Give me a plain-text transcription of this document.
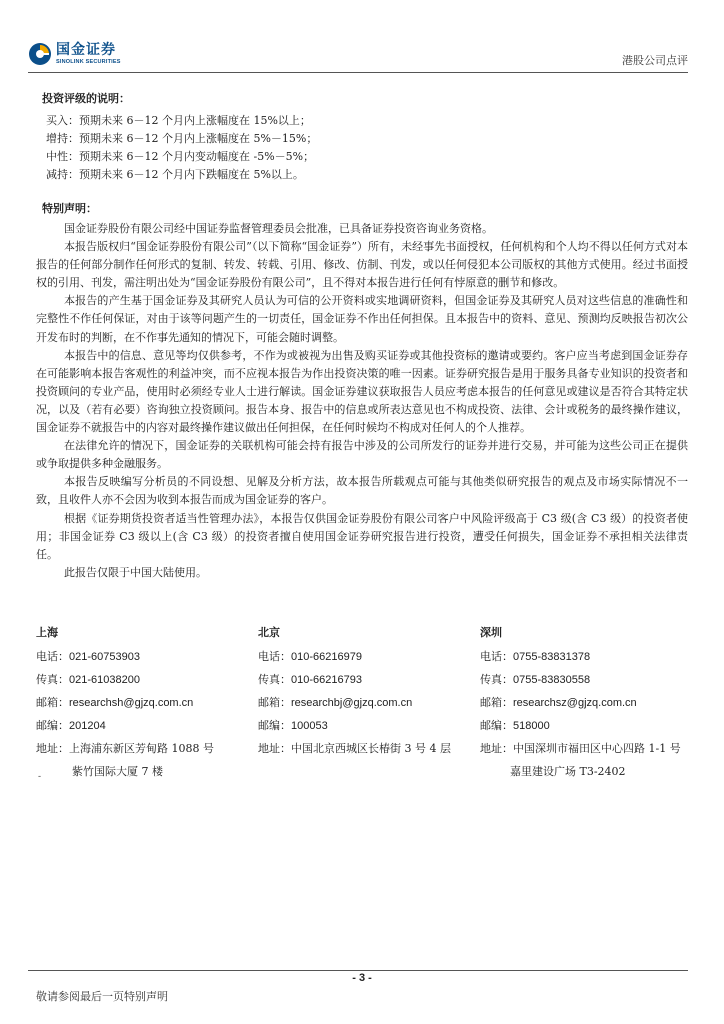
国金证券
SINOLINK SECURITIES	港股公司点评
投资评级的说明：
买入：预期未来 6－12 个月内上涨幅度在 15%以上；
增持：预期未来 6－12 个月内上涨幅度在 5%－15%；
中性：预期未来 6－12 个月内变动幅度在 -5%－5%；
减持：预期未来 6－12 个月内下跌幅度在 5%以上。
特别声明：

国金证券股份有限公司经中国证券监督管理委员会批准，已具备证券投资咨询业务资格。

本报告版权归“国金证券股份有限公司”（以下简称“国金证券”）所有，未经事先书面授权，任何机构和个人均不得以任何方式对本报告的任何部分制作任何形式的复制、转发、转载、引用、修改、仿制、刊发，或以任何侵犯本公司版权的其他方式使用。经过书面授权的引用、刊发，需注明出处为“国金证券股份有限公司”，且不得对本报告进行任何有悖原意的删节和修改。

本报告的产生基于国金证券及其研究人员认为可信的公开资料或实地调研资料，但国金证券及其研究人员对这些信息的准确性和完整性不作任何保证，对由于该等问题产生的一切责任，国金证券不作出任何担保。且本报告中的资料、意见、预测均反映报告初次公开发布时的判断，在不作事先通知的情况下，可能会随时调整。

本报告中的信息、意见等均仅供参考，不作为或被视为出售及购买证券或其他投资标的邀请或要约。客户应当考虑到国金证券存在可能影响本报告客观性的利益冲突，而不应视本报告为作出投资决策的唯一因素。证券研究报告是用于服务具备专业知识的投资者和投资顾问的专业产品，使用时必须经专业人士进行解读。国金证券建议获取报告人员应考虑本报告的任何意见或建议是否符合其特定状况，以及（若有必要）咨询独立投资顾问。报告本身、报告中的信息或所表达意见也不构成投资、法律、会计或税务的最终操作建议，国金证券不就报告中的内容对最终操作建议做出任何担保，在任何时候均不构成对任何人的个人推荐。

在法律允许的情况下，国金证券的关联机构可能会持有报告中涉及的公司所发行的证券并进行交易，并可能为这些公司正在提供或争取提供多种金融服务。

本报告反映编写分析员的不同设想、见解及分析方法，故本报告所载观点可能与其他类似研究报告的观点及市场实际情况不一致，且收件人亦不会因为收到本报告而成为国金证券的客户。

根据《证券期货投资者适当性管理办法》，本报告仅供国金证券股份有限公司客户中风险评级高于 C3 级(含 C3 级）的投资者使用；非国金证券 C3 级以上(含 C3 级）的投资者擅自使用国金证券研究报告进行投资，遭受任何损失，国金证券不承担相关法律责任。

此报告仅限于中国大陆使用。

上海
电话：021-60753903
传真：021-61038200
邮箱：researchsh@gjzq.com.cn
邮编：201204
地址：上海浦东新区芳甸路 1088 号
紫竹国际大厦 7 楼
北京
电话：010-66216979
传真：010-66216793
邮箱：researchbj@gjzq.com.cn
邮编：100053
地址：中国北京西城区长椿街 3 号 4 层
深圳
电话：0755-83831378
传真：0755-83830558
邮箱：researchsz@gjzq.com.cn
邮编：518000
地址：中国深圳市福田区中心四路 1-1 号
嘉里建设广场 T3-2402
-
- 3 -
敬请参阅最后一页特别声明
